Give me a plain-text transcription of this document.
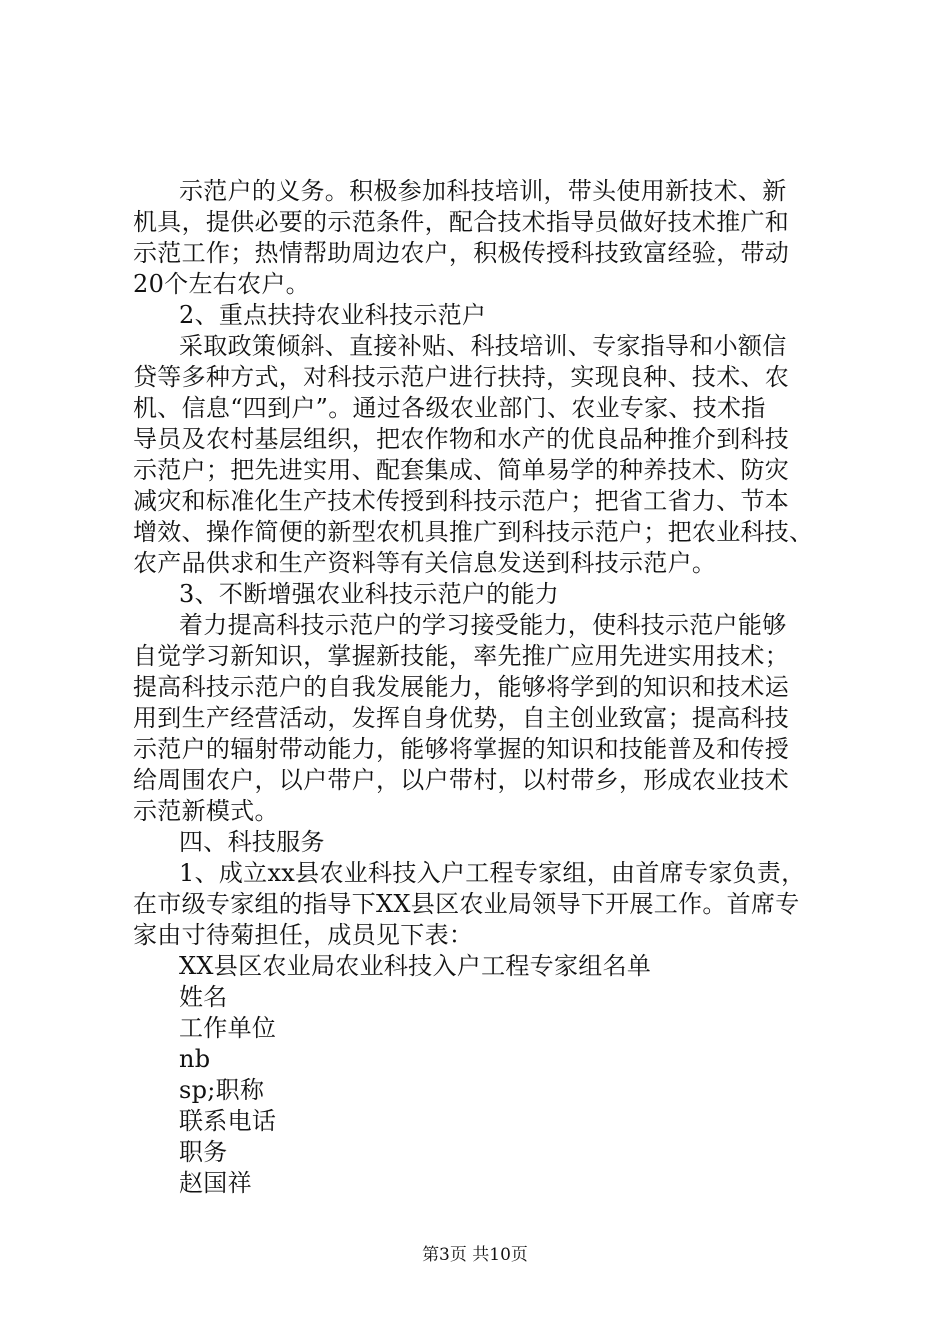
示范户的义务。积极参加科技培训，带头使用新技术、新
机具，提供必要的示范条件，配合技术指导员做好技术推广和
示范工作；热情帮助周边农户，积极传授科技致富经验，带动
20个左右农户。
2、重点扶持农业科技示范户
采取政策倾斜、直接补贴、科技培训、专家指导和小额信
贷等多种方式，对科技示范户进行扶持，实现良种、技术、农
机、信息“四到户”。通过各级农业部门、农业专家、技术指
导员及农村基层组织，把农作物和水产的优良品种推介到科技
示范户；把先进实用、配套集成、简单易学的种养技术、防灾
减灾和标准化生产技术传授到科技示范户；把省工省力、节本
增效、操作简便的新型农机具推广到科技示范户；把农业科技、
农产品供求和生产资料等有关信息发送到科技示范户。
3、不断增强农业科技示范户的能力
着力提高科技示范户的学习接受能力，使科技示范户能够
自觉学习新知识，掌握新技能，率先推广应用先进实用技术；
提高科技示范户的自我发展能力，能够将学到的知识和技术运
用到生产经营活动，发挥自身优势，自主创业致富；提高科技
示范户的辐射带动能力，能够将掌握的知识和技能普及和传授
给周围农户，以户带户，以户带村，以村带乡，形成农业技术
示范新模式。
四、科技服务
1、成立xx县农业科技入户工程专家组，由首席专家负责，
在市级专家组的指导下XX县区农业局领导下开展工作。首席专
家由寸待菊担任，成员见下表：
XX县区农业局农业科技入户工程专家组名单
姓名
工作单位
nb
sp;职称
联系电话
职务
赵国祥
第3页 共10页
